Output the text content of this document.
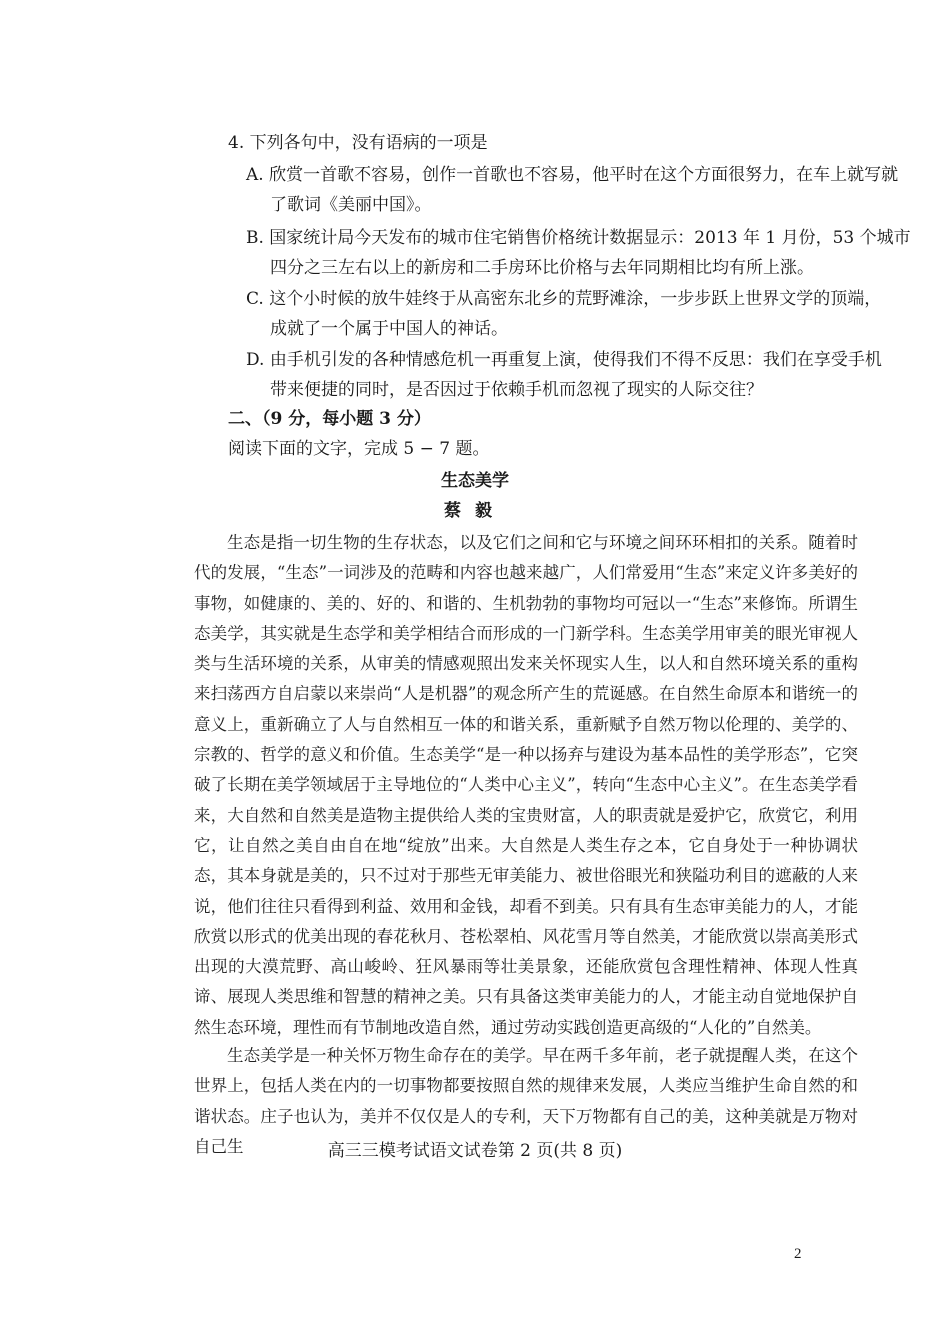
4. 下列各句中，没有语病的一项是
A. 欣赏一首歌不容易，创作一首歌也不容易，他平时在这个方面很努力，在车上就写就
了歌词《美丽中国》。
B. 国家统计局今天发布的城市住宅销售价格统计数据显示：2013 年 1 月份，53 个城市
四分之三左右以上的新房和二手房环比价格与去年同期相比均有所上涨。
C. 这个小时候的放牛娃终于从高密东北乡的荒野滩涂，一步步跃上世界文学的顶端，
成就了一个属于中国人的神话。
D. 由手机引发的各种情感危机一再重复上演，使得我们不得不反思：我们在享受手机
带来便捷的同时，是否因过于依赖手机而忽视了现实的人际交往？
二、（9 分，每小题 3 分）
阅读下面的文字，完成 5 − 7 题。
生态美学
蔡毅
生态是指一切生物的生存状态，以及它们之间和它与环境之间环环相扣的关系。随着时代的发展，“生态”一词涉及的范畴和内容也越来越广，人们常爱用“生态”来定义许多美好的事物，如健康的、美的、好的、和谐的、生机勃勃的事物均可冠以一“生态”来修饰。所谓生态美学，其实就是生态学和美学相结合而形成的一门新学科。生态美学用审美的眼光审视人类与生活环境的关系，从审美的情感观照出发来关怀现实人生，以人和自然环境关系的重构来扫荡西方自启蒙以来崇尚“人是机器”的观念所产生的荒诞感。在自然生命原本和谐统一的意义上，重新确立了人与自然相互一体的和谐关系，重新赋予自然万物以伦理的、美学的、宗教的、哲学的意义和价值。生态美学“是一种以扬弃与建设为基本品性的美学形态”，它突破了长期在美学领域居于主导地位的“人类中心主义”，转向“生态中心主义”。在生态美学看来，大自然和自然美是造物主提供给人类的宝贵财富，人的职责就是爱护它，欣赏它，利用它，让自然之美自由自在地“绽放”出来。大自然是人类生存之本，它自身处于一种协调状态，其本身就是美的，只不过对于那些无审美能力、被世俗眼光和狭隘功利目的遮蔽的人来说，他们往往只看得到利益、效用和金钱，却看不到美。只有具有生态审美能力的人，才能欣赏以形式的优美出现的春花秋月、苍松翠柏、风花雪月等自然美，才能欣赏以崇高美形式出现的大漠荒野、高山峻岭、狂风暴雨等壮美景象，还能欣赏包含理性精神、体现人性真谛、展现人类思维和智慧的精神之美。只有具备这类审美能力的人，才能主动自觉地保护自然生态环境，理性而有节制地改造自然，通过劳动实践创造更高级的“人化的”自然美。
生态美学是一种关怀万物生命存在的美学。早在两千多年前，老子就提醒人类，在这个世界上，包括人类在内的一切事物都要按照自然的规律来发展，人类应当维护生命自然的和谐状态。庄子也认为，美并不仅仅是人的专利，天下万物都有自己的美，这种美就是万物对自己生	高三三模考试语文试卷第 2 页(共 8 页)
2
